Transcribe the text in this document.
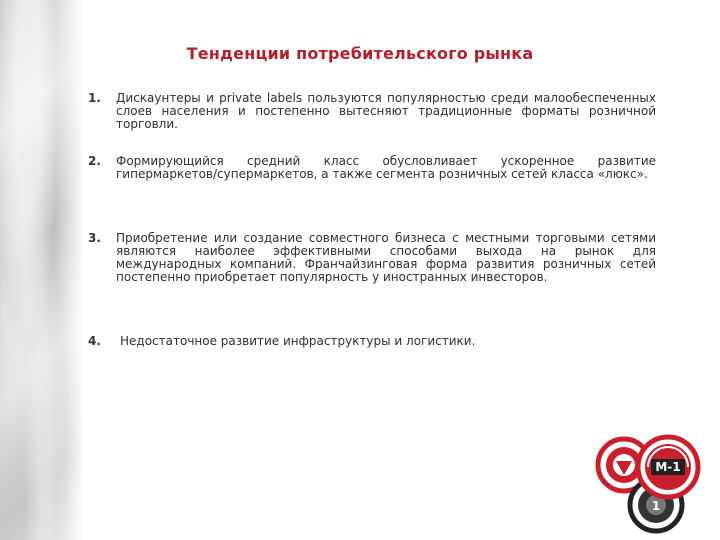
Тенденции потребительского рынка
1. Дискаунтеры и private labels пользуются популярностью среди малообеспеченных слоев населения и постепенно вытесняют традиционные форматы розничной торговли.
2. Формирующийся средний класс обусловливает ускоренное развитие гипермаркетов/супермаркетов, а также сегмента розничных сетей класса «люкс».
3. Приобретение или создание совместного бизнеса с местными торговыми сетями являются наиболее эффективными способами выхода на рынок для международных компаний. Франчайзинговая форма развития розничных сетей постепенно приобретает популярность у иностранных инвесторов.
4. Недостаточное развитие инфраструктуры и логистики.
1
M-1
